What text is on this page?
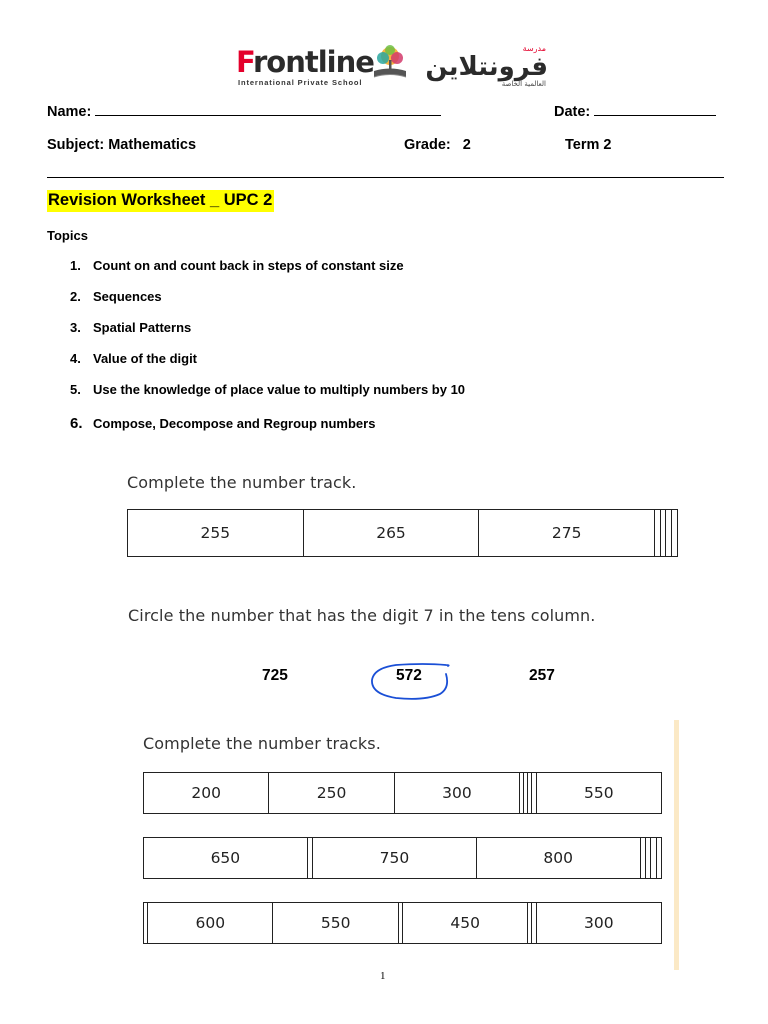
Frontline
International Private School
مدرسة
فرونتلاين
العالمية الخاصة
Name:	Date:
Subject: Mathematics	Grade: 2	Term 2
Revision Worksheet _ UPC 2
Topics
1. Count on and count back in steps of constant size
2. Sequences
3. Spatial Patterns
4. Value of the digit
5. Use the knowledge of place value to multiply numbers by 10
6. Compose, Decompose and Regroup numbers
Complete the number track.
255	265	275				
Circle the number that has the digit 7 in the tens column.
725	572	257
Complete the number tracks.
200	250	300					550
650		750	800				
	600	550		450			300
1
